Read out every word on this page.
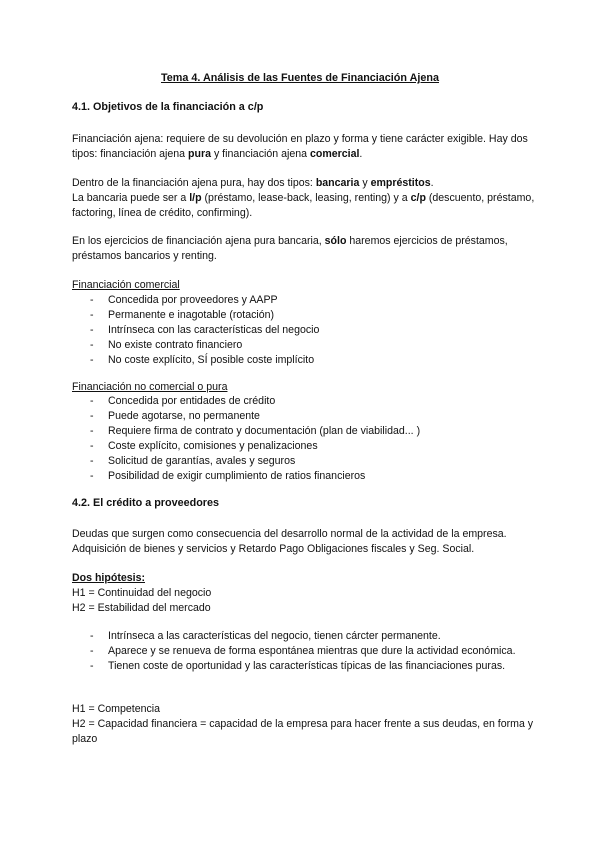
Tema 4. Análisis de las Fuentes de Financiación Ajena
4.1. Objetivos de la financiación a c/p
Financiación ajena: requiere de su devolución en plazo y forma y tiene carácter exigible. Hay dos tipos: financiación ajena pura y financiación ajena comercial.
Dentro de la financiación ajena pura, hay dos tipos: bancaria y empréstitos.
La bancaria puede ser a l/p (préstamo, lease-back, leasing, renting) y a c/p (descuento, préstamo, factoring, línea de crédito, confirming).
En los ejercicios de financiación ajena pura bancaria, sólo haremos ejercicios de préstamos, préstamos bancarios y renting.
Financiación comercial
- Concedida por proveedores y AAPP
- Permanente e inagotable (rotación)
- Intrínseca con las características del negocio
- No existe contrato financiero
- No coste explícito, SÍ posible coste implícito
Financiación no comercial o pura
- Concedida por entidades de crédito
- Puede agotarse, no permanente
- Requiere firma de contrato y documentación (plan de viabilidad... )
- Coste explícito, comisiones y penalizaciones
- Solicitud de garantías, avales y seguros
- Posibilidad de exigir cumplimiento de ratios financieros
4.2. El crédito a proveedores
Deudas que surgen como consecuencia del desarrollo normal de la actividad de la empresa. Adquisición de bienes y servicios y Retardo Pago Obligaciones fiscales y Seg. Social.
Dos hipótesis:
H1 = Continuidad del negocio
H2 = Estabilidad del mercado
- Intrínseca a las características del negocio, tienen cárcter permanente.
- Aparece y se renueva de forma espontánea mientras que dure la actividad económica.
- Tienen coste de oportunidad y las características típicas de las financiaciones puras.
H1 = Competencia
H2 = Capacidad financiera = capacidad de la empresa para hacer frente a sus deudas, en forma y plazo
